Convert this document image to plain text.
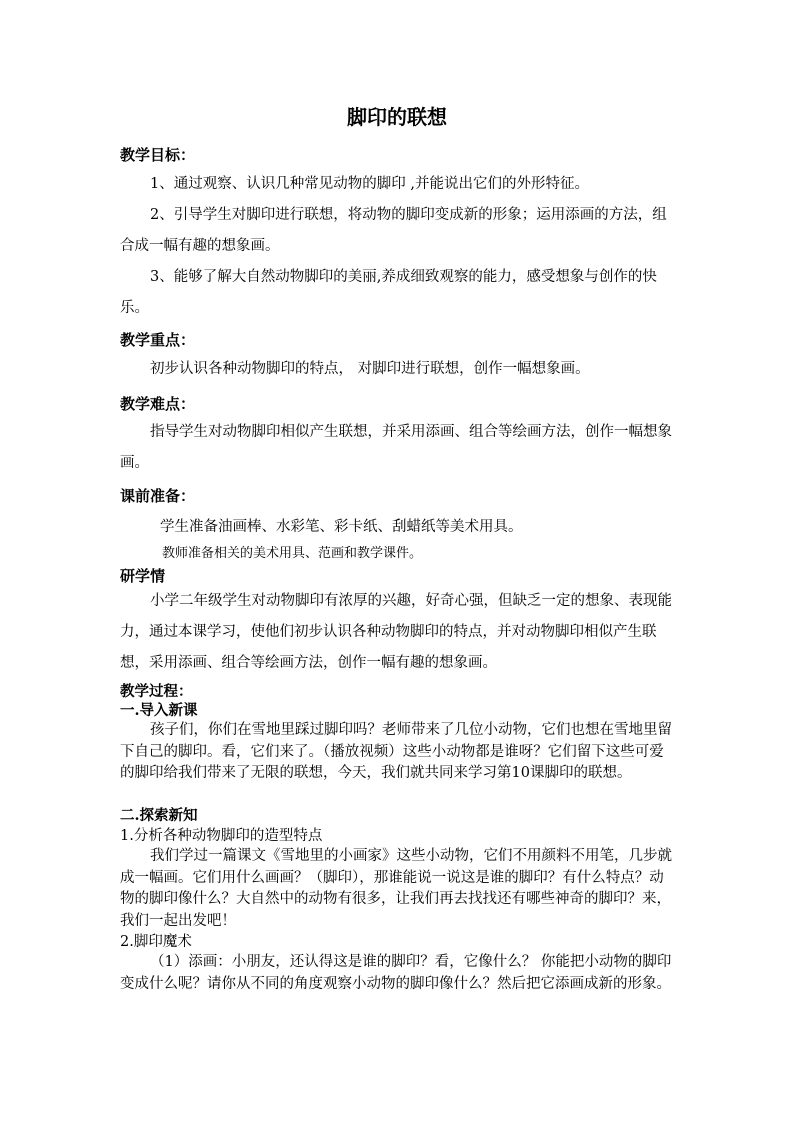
脚印的联想
教学目标：
1、通过观察、认识几种常见动物的脚印 ,并能说出它们的外形特征。
2、引导学生对脚印进行联想，将动物的脚印变成新的形象；运用添画的方法，组合成一幅有趣的想象画。
3、能够了解大自然动物脚印的美丽,养成细致观察的能力，感受想象与创作的快乐。
教学重点：
初步认识各种动物脚印的特点， 对脚印进行联想，创作一幅想象画。
教学难点：
指导学生对动物脚印相似产生联想，并采用添画、组合等绘画方法，创作一幅想象画。
课前准备：
学生准备油画棒、水彩笔、彩卡纸、刮蜡纸等美术用具。
教师准备相关的美术用具、范画和教学课件。
研学情
小学二年级学生对动物脚印有浓厚的兴趣，好奇心强，但缺乏一定的想象、表现能力，通过本课学习，使他们初步认识各种动物脚印的特点，并对动物脚印相似产生联想，采用添画、组合等绘画方法，创作一幅有趣的想象画。
教学过程：
一.导入新课
孩子们，你们在雪地里踩过脚印吗？老师带来了几位小动物，它们也想在雪地里留下自己的脚印。看，它们来了。（播放视频）这些小动物都是谁呀？它们留下这些可爱的脚印给我们带来了无限的联想，今天，我们就共同来学习第10课脚印的联想。
二.探索新知
1.分析各种动物脚印的造型特点
我们学过一篇课文《雪地里的小画家》这些小动物，它们不用颜料不用笔，几步就成一幅画。它们用什么画画？（脚印），那谁能说一说这是谁的脚印？有什么特点？动物的脚印像什么？大自然中的动物有很多，让我们再去找找还有哪些神奇的脚印？来，我们一起出发吧！
2.脚印魔术
（1）添画：小朋友，还认得这是谁的脚印？看，它像什么？ 你能把小动物的脚印变成什么呢？请你从不同的角度观察小动物的脚印像什么？然后把它添画成新的形象。
